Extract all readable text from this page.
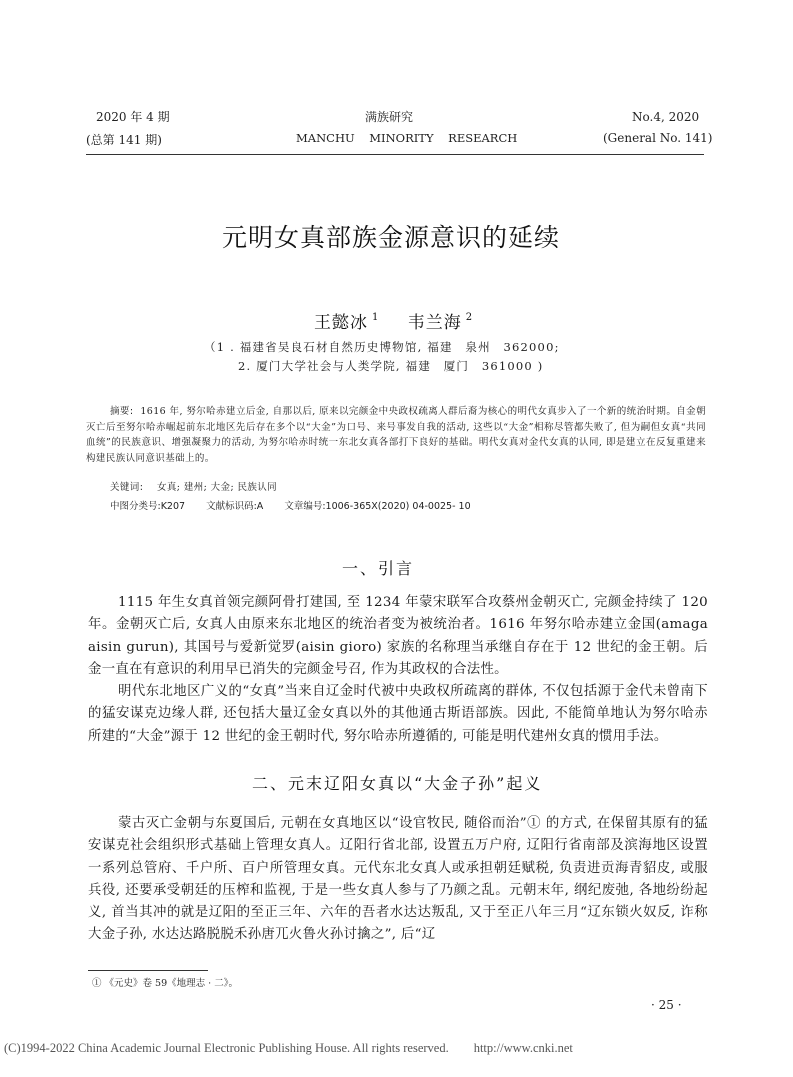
2020 年 4 期
(总第 141 期)
满族研究
MANCHU    MINORITY    RESEARCH
No.4, 2020
(General No. 141)
元明女真部族金源意识的延续
王懿冰 $^1$ 韦兰海 $^2$
（1 . 福建省吴良石材自然历史博物馆, 福建　泉州　362000;
2. 厦门大学社会与人类学院, 福建　厦门　361000 )

摘要: 1616 年, 努尔哈赤建立后金, 自那以后, 原来以完颜金中央政权疏离人群后裔为核心的明代女真步入了一个新的统治时期。自金朝灭亡后至努尔哈赤崛起前东北地区先后存在多个以“大金”为口号、来号事发自我的活动, 这些以“大金”相称尽管都失败了, 但为嗣但女真“共同血统”的民族意识、增强凝聚力的活动, 为努尔哈赤时统一东北女真各部打下良好的基础。明代女真对金代女真的认同, 即是建立在反复重建来构建民族认同意识基础上的。

关键词: 女真; 建州; 大金; 民族认同
中图分类号:K207 文献标识码:A 文章编号:1006-365X(2020) 04-0025- 10
一、引言

1115 年生女真首领完颜阿骨打建国, 至 1234 年蒙宋联军合攻蔡州金朝灭亡, 完颜金持续了 120 年。金朝灭亡后, 女真人由原来东北地区的统治者变为被统治者。1616 年努尔哈赤建立金国(amaga aisin gurun), 其国号与爱新觉罗(aisin gioro) 家族的名称理当承继自存在于 12 世纪的金王朝。后金一直在有意识的利用早已消失的完颜金号召, 作为其政权的合法性。

明代东北地区广义的“女真”当来自辽金时代被中央政权所疏离的群体, 不仅包括源于金代未曾南下的猛安谋克边缘人群, 还包括大量辽金女真以外的其他通古斯语部族。因此, 不能简单地认为努尔哈赤所建的“大金”源于 12 世纪的金王朝时代, 努尔哈赤所遵循的, 可能是明代建州女真的惯用手法。

二、元末辽阳女真以“大金子孙”起义

蒙古灭亡金朝与东夏国后, 元朝在女真地区以“设官牧民, 随俗而治”① 的方式, 在保留其原有的猛安谋克社会组织形式基础上管理女真人。辽阳行省北部, 设置五万户府, 辽阳行省南部及滨海地区设置一系列总管府、千户所、百户所管理女真。元代东北女真人或承担朝廷赋税, 负责进贡海青貂皮, 或服兵役, 还要承受朝廷的压榨和监视, 于是一些女真人参与了乃颜之乱。元朝末年, 纲纪废弛, 各地纷纷起义, 首当其冲的就是辽阳的至正三年、六年的吾者水达达叛乱, 又于至正八年三月“辽东锁火奴反, 诈称大金子孙, 水达达路脱脱禾孙唐兀火鲁火孙讨擒之”, 后“辽

① 《元史》卷 59《地理志 · 二》。
· 25 ·
(C)1994-2022 China Academic Journal Electronic Publishing House. All rights reserved.　　http://www.cnki.net
